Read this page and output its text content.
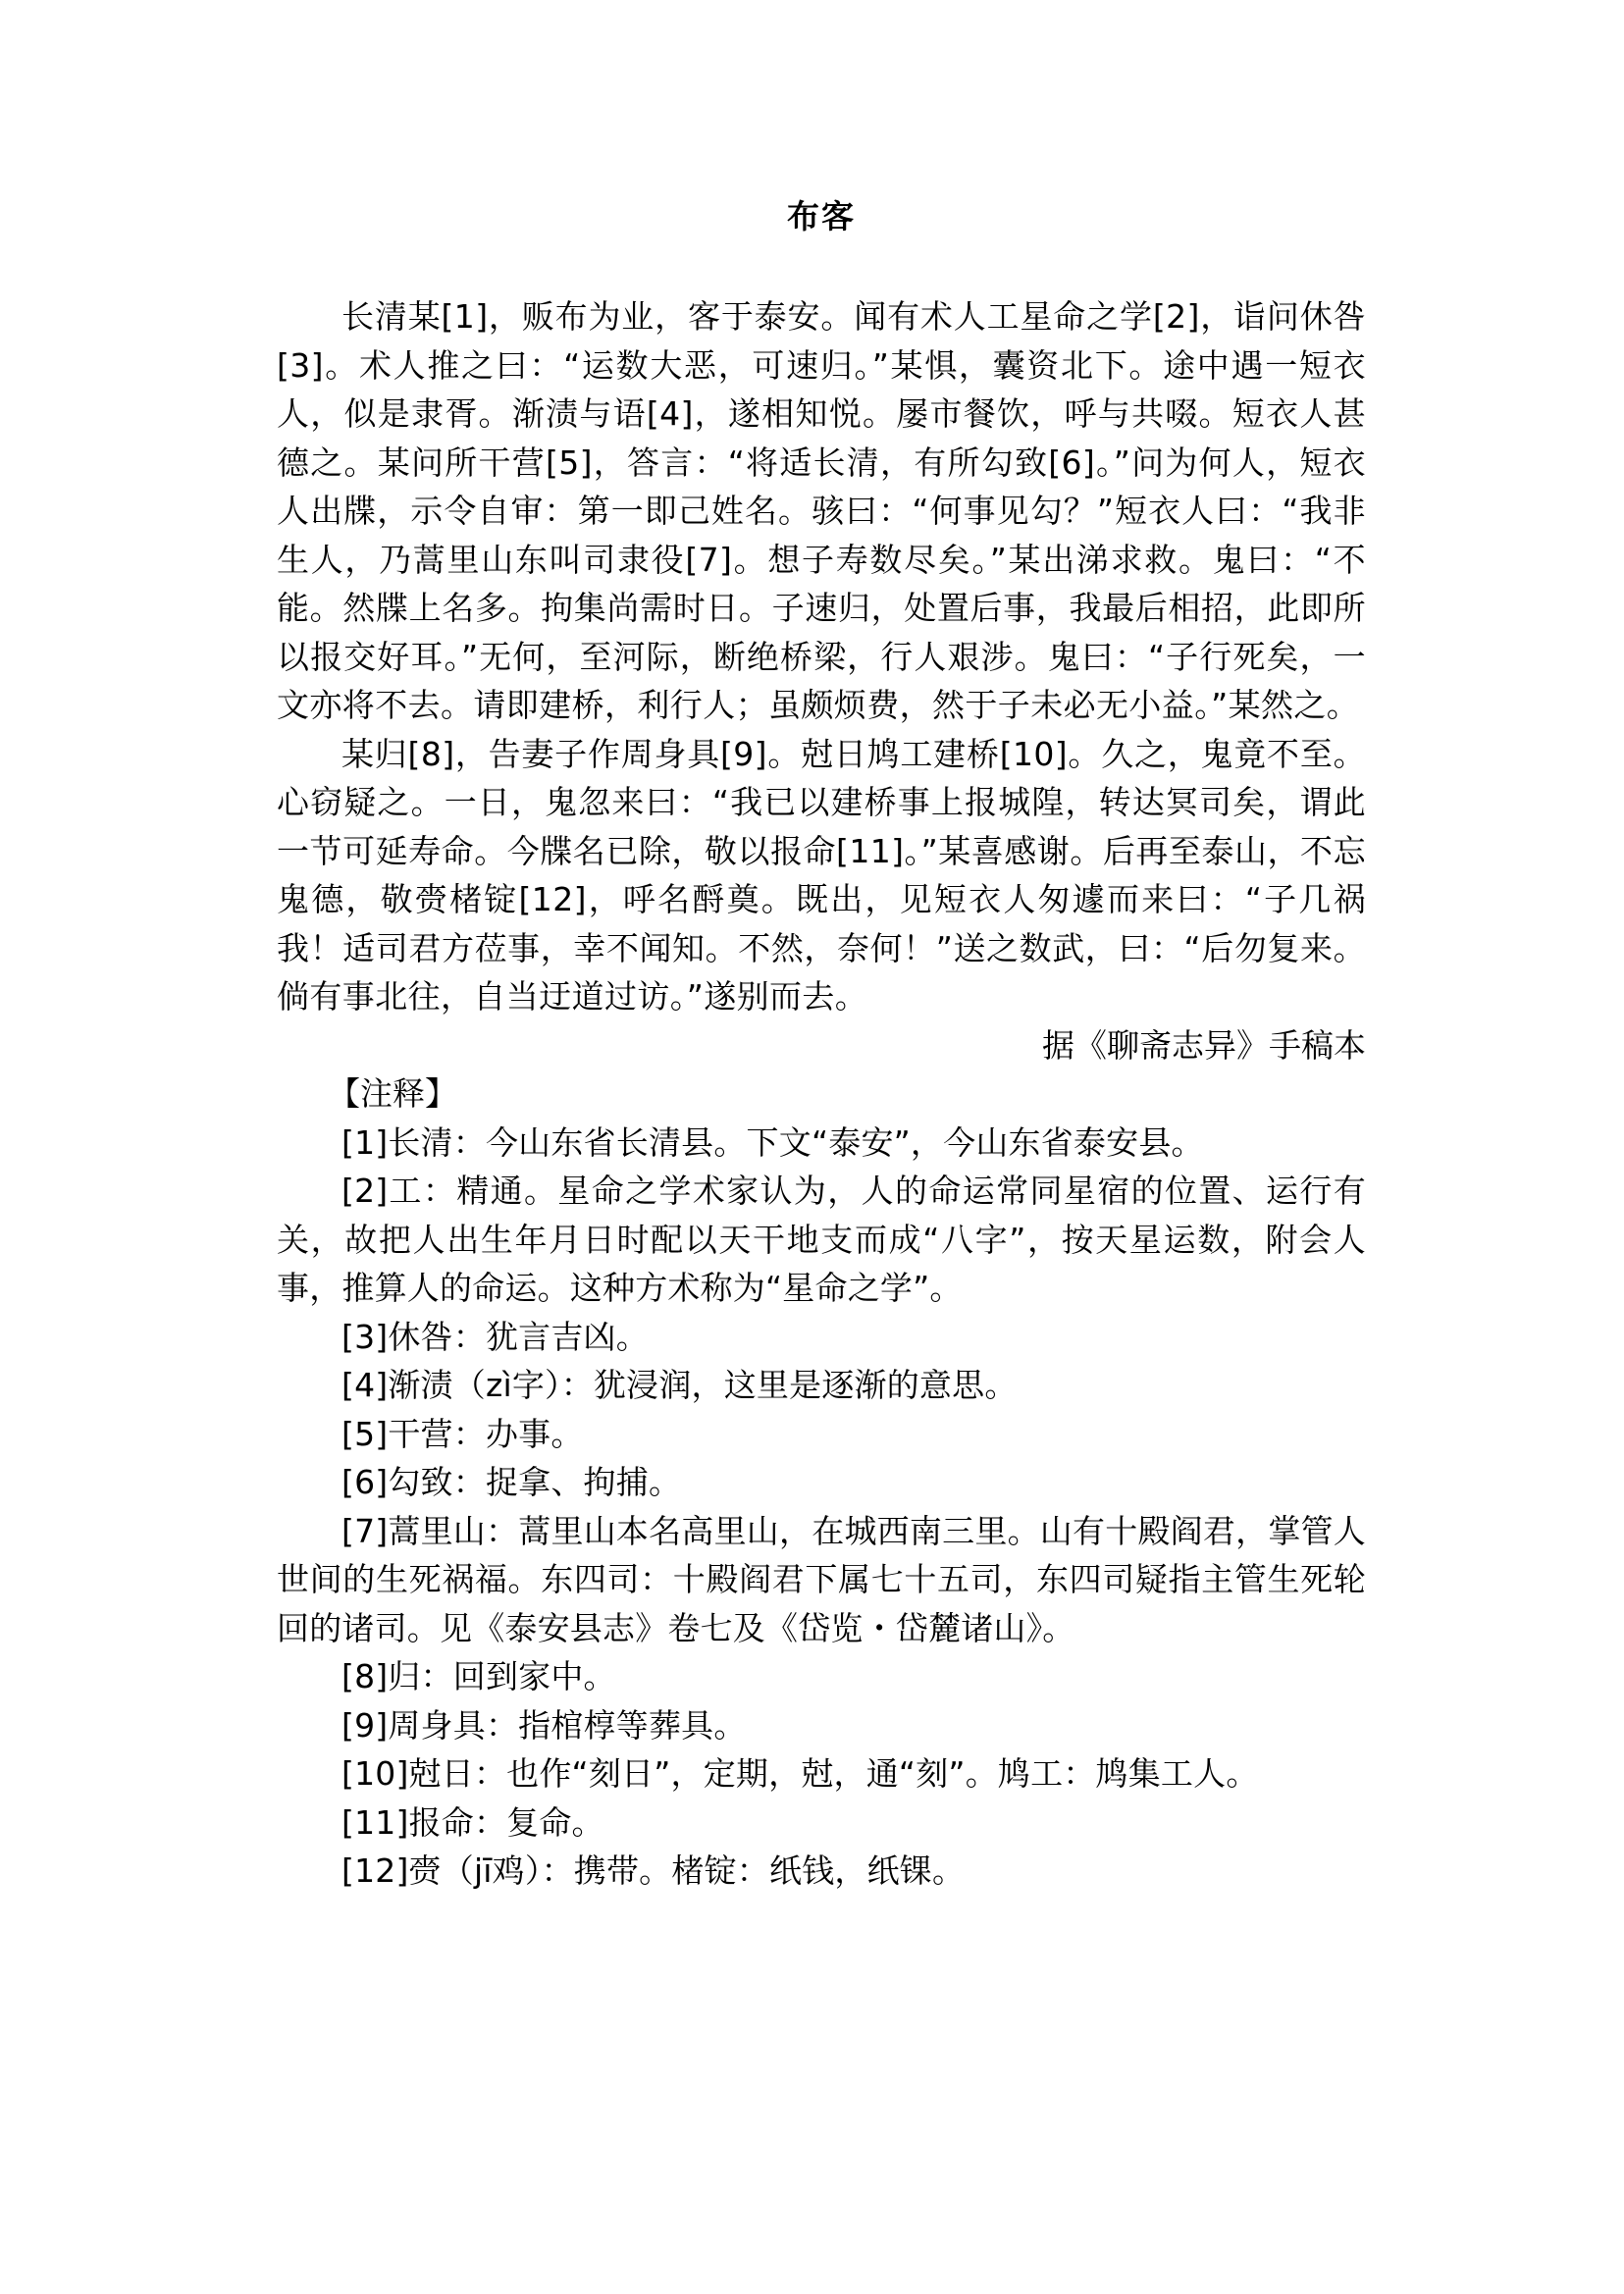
布客

长清某[1]，贩布为业，客于泰安。闻有术人工星命之学[2]，诣问休咎[3]。术人推之曰：“运数大恶，可速归。”某惧，囊资北下。途中遇一短衣人，似是隶胥。渐渍与语[4]，遂相知悦。屡市餐饮，呼与共啜。短衣人甚德之。某问所干营[5]，答言：“将适长清，有所勾致[6]。”问为何人，短衣人出牒，示令自审：第一即己姓名。骇曰：“何事见勾？”短衣人曰：“我非生人，乃蒿里山东叫司隶役[7]。想子寿数尽矣。”某出涕求救。鬼曰：“不能。然牒上名多。拘集尚需时日。子速归，处置后事，我最后相招，此即所以报交好耳。”无何，至河际，断绝桥梁，行人艰涉。鬼曰：“子行死矣，一文亦将不去。请即建桥，利行人；虽颇烦费，然于子未必无小益。”某然之。

某归[8]，告妻子作周身具[9]。尅日鸠工建桥[10]。久之，鬼竟不至。心窃疑之。一日，鬼忽来曰：“我已以建桥事上报城隍，转达冥司矣，谓此一节可延寿命。今牒名已除，敬以报命[11]。”某喜感谢。后再至泰山，不忘鬼德，敬赍楮锭[12]，呼名酹奠。既出，见短衣人匆遽而来曰：“子几祸我！适司君方莅事，幸不闻知。不然，奈何！”送之数武，曰：“后勿复来。倘有事北往，自当迂道过访。”遂别而去。

据《聊斋志异》手稿本

【注释】

[1]长清：今山东省长清县。下文“泰安”，今山东省泰安县。

[2]工：精通。星命之学术家认为，人的命运常同星宿的位置、运行有关，故把人出生年月日时配以天干地支而成“八字”，按天星运数，附会人事，推算人的命运。这种方术称为“星命之学”。

[3]休咎：犹言吉凶。

[4]渐渍（zì字）：犹浸润，这里是逐渐的意思。

[5]干营：办事。

[6]勾致：捉拿、拘捕。

[7]蒿里山：蒿里山本名高里山，在城西南三里。山有十殿阎君，掌管人世间的生死祸福。东四司：十殿阎君下属七十五司，东四司疑指主管生死轮回的诸司。见《泰安县志》卷七及《岱览・岱麓诸山》。

[8]归：回到家中。

[9]周身具：指棺椁等葬具。

[10]尅日：也作“刻日”，定期，尅，通“刻”。鸠工：鸠集工人。

[11]报命：复命。

[12]赍（jī鸡）：携带。楮锭：纸钱，纸锞。
